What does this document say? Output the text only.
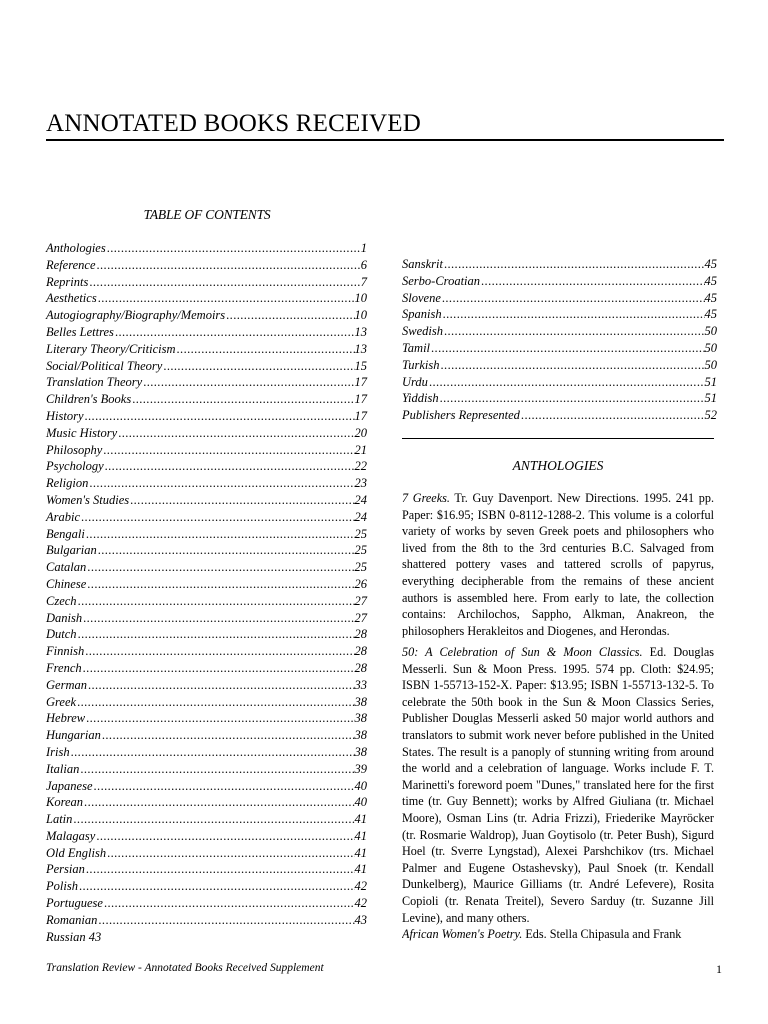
ANNOTATED BOOKS RECEIVED
TABLE OF CONTENTS
Anthologies .....	1
Reference .....	6
Reprints .....	7
Aesthetics .....	10
Autogiography/Biography/Memoirs .....	10
Belles Lettres .....	13
Literary Theory/Criticism .....	13
Social/Political Theory .....	15
Translation Theory .....	17
Children's Books .....	17
History .....	17
Music History .....	20
Philosophy .....	21
Psychology .....	22
Religion .....	23
Women's Studies .....	24
Arabic .....	24
Bengali .....	25
Bulgarian .....	25
Catalan .....	25
Chinese .....	26
Czech .....	27
Danish .....	27
Dutch .....	28
Finnish .....	28
French .....	28
German .....	33
Greek .....	38
Hebrew .....	38
Hungarian .....	38
Irish .....	38
Italian .....	39
Japanese .....	40
Korean .....	40
Latin .....	41
Malagasy .....	41
Old English .....	41
Persian .....	41
Polish .....	42
Portuguese .....	42
Romanian .....	43
Russian 43
Sanskrit .....	45
Serbo-Croatian .....	45
Slovene .....	45
Spanish .....	45
Swedish .....	50
Tamil .....	50
Turkish .....	50
Urdu .....	51
Yiddish .....	51
Publishers Represented .....	52
ANTHOLOGIES

7 Greeks. Tr. Guy Davenport. New Directions. 1995. 241 pp. Paper: $16.95; ISBN 0-8112-1288-2. This volume is a colorful variety of works by seven Greek poets and philosophers who lived from the 8th to the 3rd centuries B.C. Salvaged from shattered pottery vases and tattered scrolls of papyrus, everything decipherable from the remains of these ancient authors is assembled here. From early to late, the collection contains: Archilochos, Sappho, Alkman, Anakreon, the philosophers Herakleitos and Diogenes, and Herondas.

50: A Celebration of Sun & Moon Classics. Ed. Douglas Messerli. Sun & Moon Press. 1995. 574 pp. Cloth: $24.95; ISBN 1-55713-152-X. Paper: $13.95; ISBN 1-55713-132-5. To celebrate the 50th book in the Sun & Moon Classics Series, Publisher Douglas Messerli asked 50 major world authors and translators to submit work never before published in the United States. The result is a panoply of stunning writing from around the world and a celebration of language. Works include F. T. Marinetti's foreword poem "Dunes," translated here for the first time (tr. Guy Bennett); works by Alfred Giuliana (tr. Michael Moore), Osman Lins (tr. Adria Frizzi), Friederike Mayröcker (tr. Rosmarie Waldrop), Juan Goytisolo (tr. Peter Bush), Sigurd Hoel (tr. Sverre Lyngstad), Alexei Parshchikov (trs. Michael Palmer and Eugene Ostashevsky), Paul Snoek (tr. Kendall Dunkelberg), Maurice Gilliams (tr. André Lefevere), Rosita Copioli (tr. Renata Treitel), Severo Sarduy (tr. Suzanne Jill Levine), and many others.

African Women's Poetry. Eds. Stella Chipasula and Frank

Translation Review - Annotated Books Received Supplement	1
